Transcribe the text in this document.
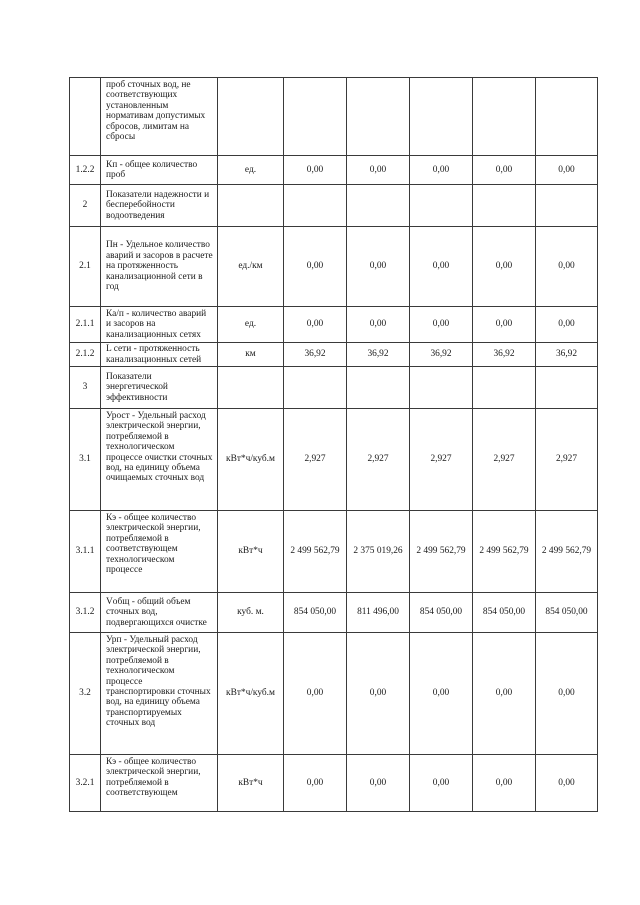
	проб сточных вод, не соответствующих установленным нормативам допустимых сбросов, лимитам на сбросы						
1.2.2	Кп - общее количество проб	ед.	0,00	0,00	0,00	0,00	0,00
2	Показатели надежности и бесперебойности водоотведения						
2.1	Пн - Удельное количество аварий и засоров в расчете на протяженность канализационной сети в год	ед./км	0,00	0,00	0,00	0,00	0,00
2.1.1	Ка/п - количество аварий и засоров на канализационных сетях	ед.	0,00	0,00	0,00	0,00	0,00
2.1.2	L сети - протяженность канализационных сетей	км	36,92	36,92	36,92	36,92	36,92
3	Показатели энергетической эффективности						
3.1	Урост - Удельный расход электрической энергии, потребляемой в технологическом процессе очистки сточных вод, на единицу объема очищаемых сточных вод	кВт*ч/куб.м	2,927	2,927	2,927	2,927	2,927
3.1.1	Кэ - общее количество электрической энергии, потребляемой в соответствующем технологическом процессе	кВт*ч	2 499 562,79	2 375 019,26	2 499 562,79	2 499 562,79	2 499 562,79
3.1.2	Vобщ - общий объем сточных вод, подвергающихся очистке	куб. м.	854 050,00	811 496,00	854 050,00	854 050,00	854 050,00
3.2	Урп - Удельный расход электрической энергии, потребляемой в технологическом процессе транспортировки сточных вод, на единицу объема транспортируемых сточных вод	кВт*ч/куб.м	0,00	0,00	0,00	0,00	0,00
3.2.1	Кэ - общее количество электрической энергии, потребляемой в соответствующем	кВт*ч	0,00	0,00	0,00	0,00	0,00
